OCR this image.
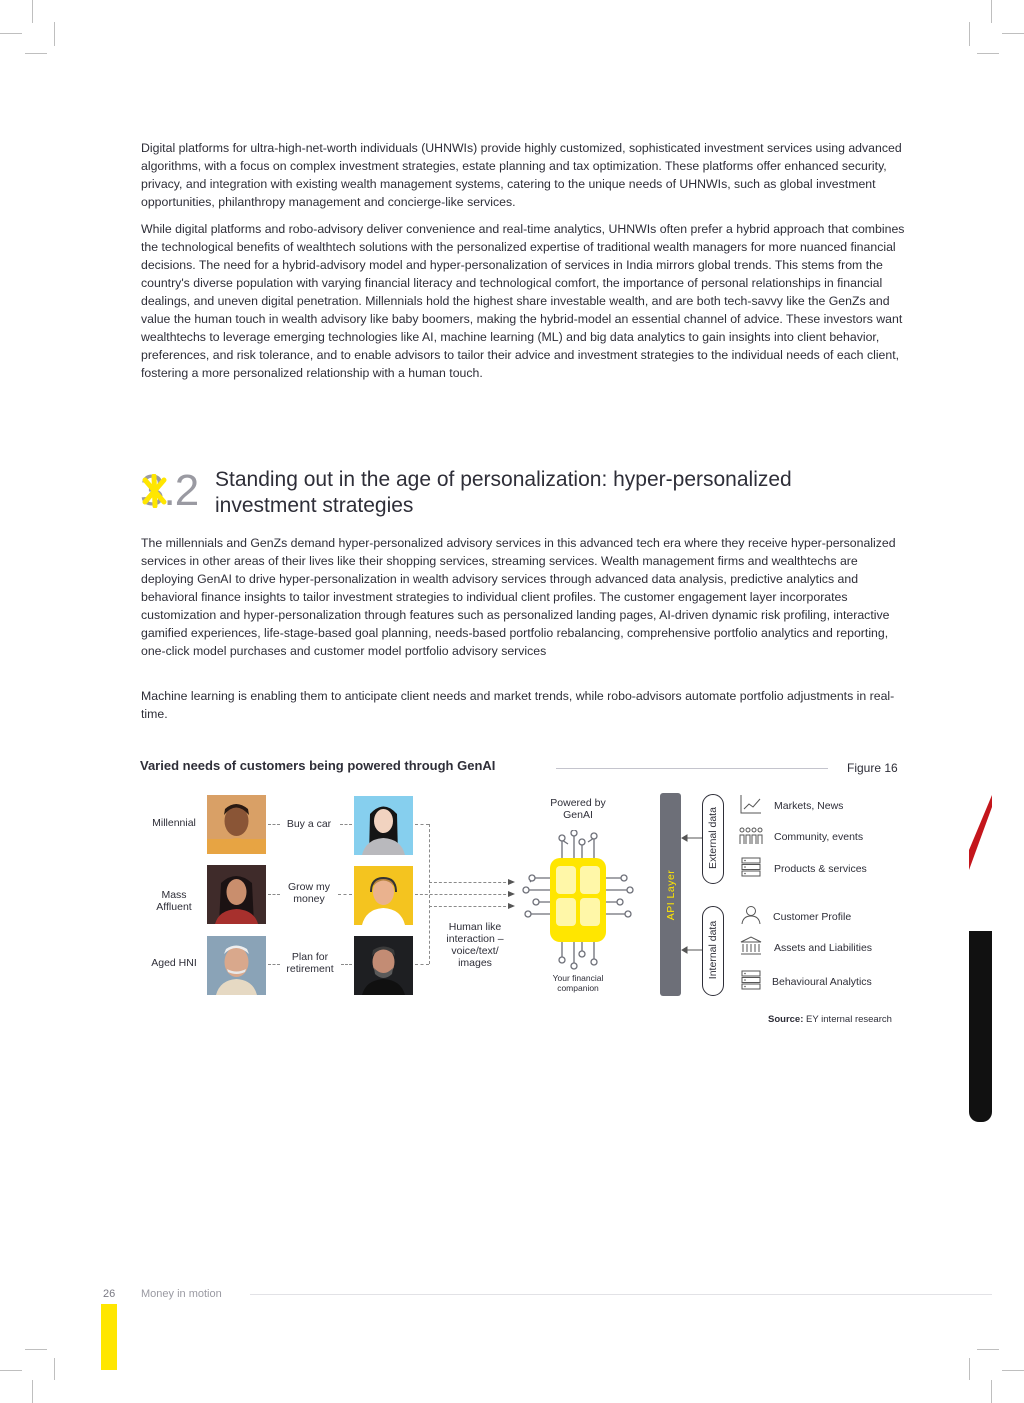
Digital platforms for ultra-high-net-worth individuals (UHNWIs) provide highly customized, sophisticated investment services using advanced algorithms, with a focus on complex investment strategies, estate planning and tax optimization. These platforms offer enhanced security, privacy, and integration with existing wealth management systems, catering to the unique needs of UHNWIs, such as global investment opportunities, philanthropy management and concierge-like services.

While digital platforms and robo-advisory deliver convenience and real-time analytics, UHNWIs often prefer a hybrid approach that combines the technological benefits of wealthtech solutions with the personalized expertise of traditional wealth managers for more nuanced financial decisions. The need for a hybrid-advisory model and hyper-personalization of services in India mirrors global trends. This stems from the country's diverse population with varying financial literacy and technological comfort, the importance of personal relationships in financial dealings, and uneven digital penetration. Millennials hold the highest share investable wealth, and are both tech-savvy like the GenZs and value the human touch in wealth advisory like baby boomers, making the hybrid-model an essential channel of advice. These investors want wealthtechs to leverage emerging technologies like AI, machine learning (ML) and big data analytics to gain insights into client behavior, preferences, and risk tolerance, and to enable advisors to tailor their advice and investment strategies to the individual needs of each client, fostering a more personalized relationship with a human touch.

3.2 Standing out in the age of personalization: hyper-personalized investment strategies

The millennials and GenZs demand hyper-personalized advisory services in this advanced tech era where they receive hyper-personalized services in other areas of their lives like their shopping services, streaming services. Wealth management firms and wealthtechs are deploying GenAI to drive hyper-personalization in wealth advisory services through advanced data analysis, predictive analytics and behavioral finance insights to tailor investment strategies to individual client profiles. The customer engagement layer incorporates customization and hyper-personalization through features such as personalized landing pages, AI-driven dynamic risk profiling, interactive gamified experiences, life-stage-based goal planning, needs-based portfolio rebalancing, comprehensive portfolio analytics and reporting, one-click model purchases and customer model portfolio advisory services

Machine learning is enabling them to anticipate client needs and market trends, while robo-advisors automate portfolio adjustments in real-time.

Varied needs of customers being powered through GenAI	Figure 16
Millennial
Mass Affluent
Aged HNI
Buy a car
Grow my money
Plan for retirement
Human like interaction – voice/text/ images
Powered by GenAI
Your financial companion
API Layer
External data
Internal data
Markets, News
Community, events
Products & services
Customer Profile
Assets and Liabilities
Behavioural Analytics
Source: EY internal research
26 Money in motion
